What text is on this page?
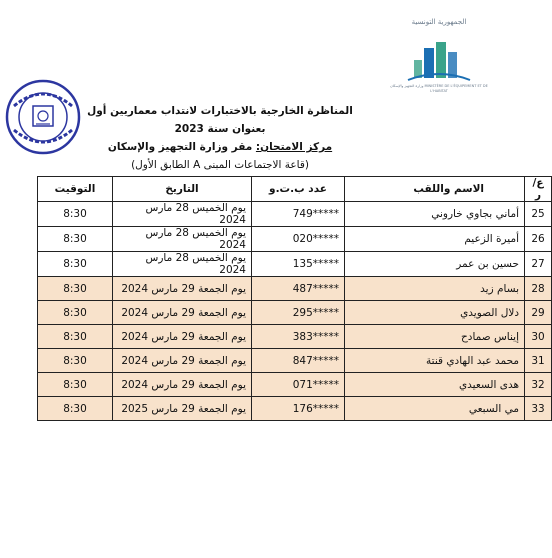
الجمهورية التونسية
وزارة التجهيز والإسكان MINISTÈRE DE L'ÉQUIPEMENT ET DE L'HABITAT
المناظرة الخارجية بالاختبارات لانتداب معماريين أول بعنوان سنة 2023
مركز الامتحان: مقر وزارة التجهيز والإسكان
(قاعة الاجتماعات المبنى A الطابق الأول)
ع/ر	الاسم واللقب	عدد ب.ت.و	التاريخ	التوقيت
25	أماني بجاوي خاروني	749*****	يوم الخميس 28 مارس 2024	8:30
26	أميرة الزعيم	020*****	يوم الخميس 28 مارس 2024	8:30
27	حسين بن عمر	135*****	يوم الخميس 28 مارس 2024	8:30
28	بسام زيد	487*****	يوم الجمعة 29 مارس 2024	8:30
29	دلال الصويدي	295*****	يوم الجمعة 29 مارس 2024	8:30
30	إيناس صمادح	383*****	يوم الجمعة 29 مارس 2024	8:30
31	محمد عبد الهادي قنتة	847*****	يوم الجمعة 29 مارس 2024	8:30
32	هدى السعيدي	071*****	يوم الجمعة 29 مارس 2024	8:30
33	مي السبعي	176*****	يوم الجمعة 29 مارس 2025	8:30
